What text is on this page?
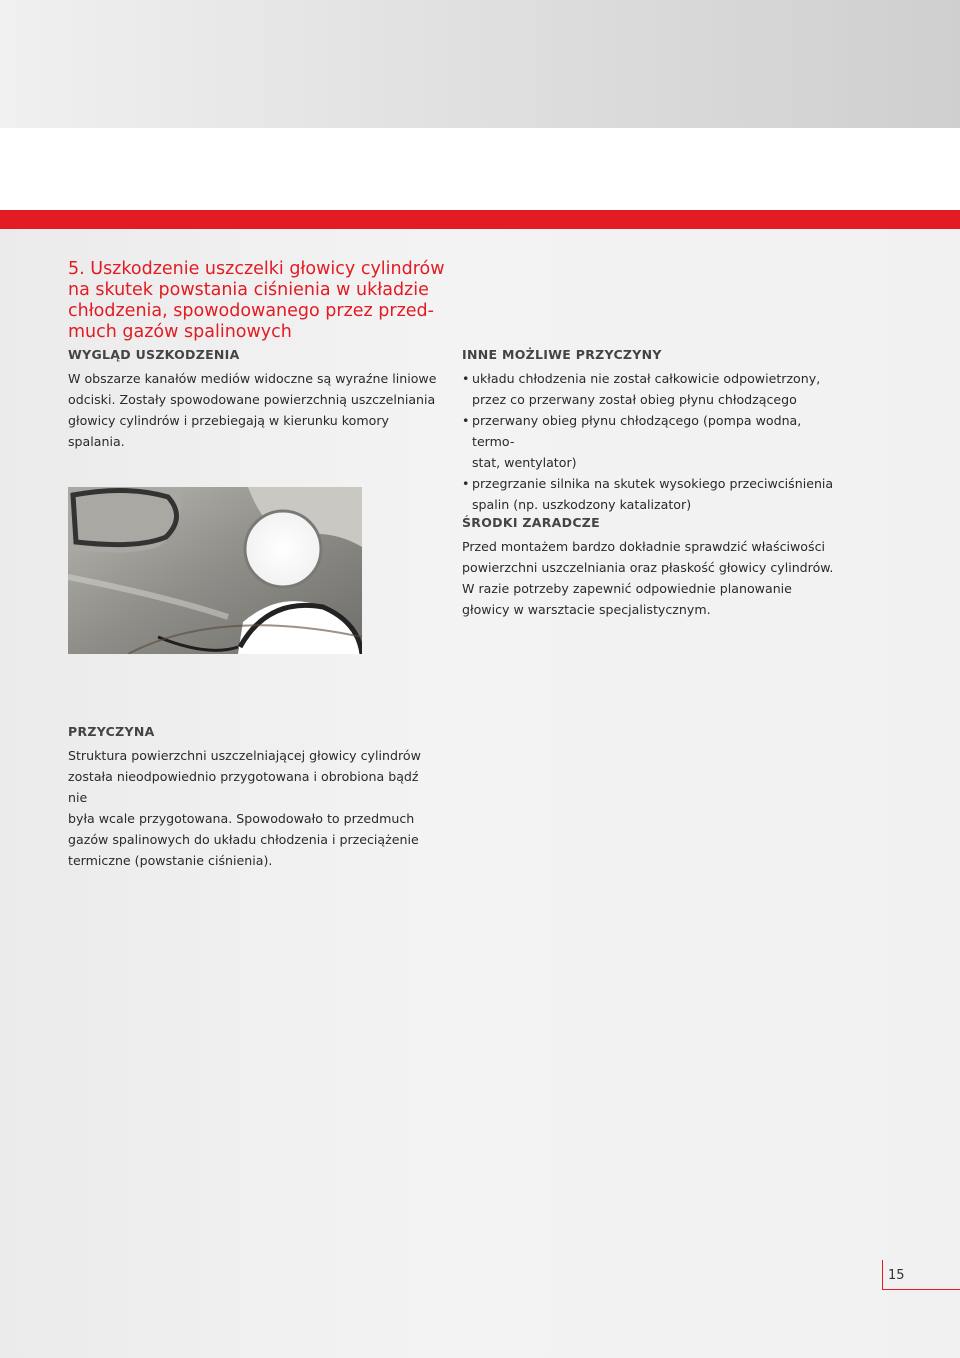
5. Uszkodzenie uszczelki głowicy cylindrów
na skutek powstania ciśnienia w układzie
chłodzenia, spowodowanego przez przed-
much gazów spalinowych
WYGLĄD USZKODZENIA

W obszarze kanałów mediów widoczne są wyraźne liniowe
odciski. Zostały spowodowane powierzchnią uszczelniania
głowicy cylindrów i przebiegają w kierunku komory spalania.

INNE MOŻLIWE PRZYCZYNY
• układu chłodzenia nie został całkowicie odpowietrzony,
przez co przerwany został obieg płynu chłodzącego
• przerwany obieg płynu chłodzącego (pompa wodna, termo-
stat, wentylator)
• przegrzanie silnika na skutek wysokiego przeciwciśnienia
spalin (np. uszkodzony katalizator)
ŚRODKI ZARADCZE

Przed montażem bardzo dokładnie sprawdzić właściwości
powierzchni uszczelniania oraz płaskość głowicy cylindrów.
W razie potrzeby zapewnić odpowiednie planowanie
głowicy w warsztacie specjalistycznym.

PRZYCZYNA

Struktura powierzchni uszczelniającej głowicy cylindrów
została nieodpowiednio przygotowana i obrobiona bądź nie
była wcale przygotowana. Spowodowało to przedmuch
gazów spalinowych do układu chłodzenia i przeciążenie
termiczne (powstanie ciśnienia).

15
